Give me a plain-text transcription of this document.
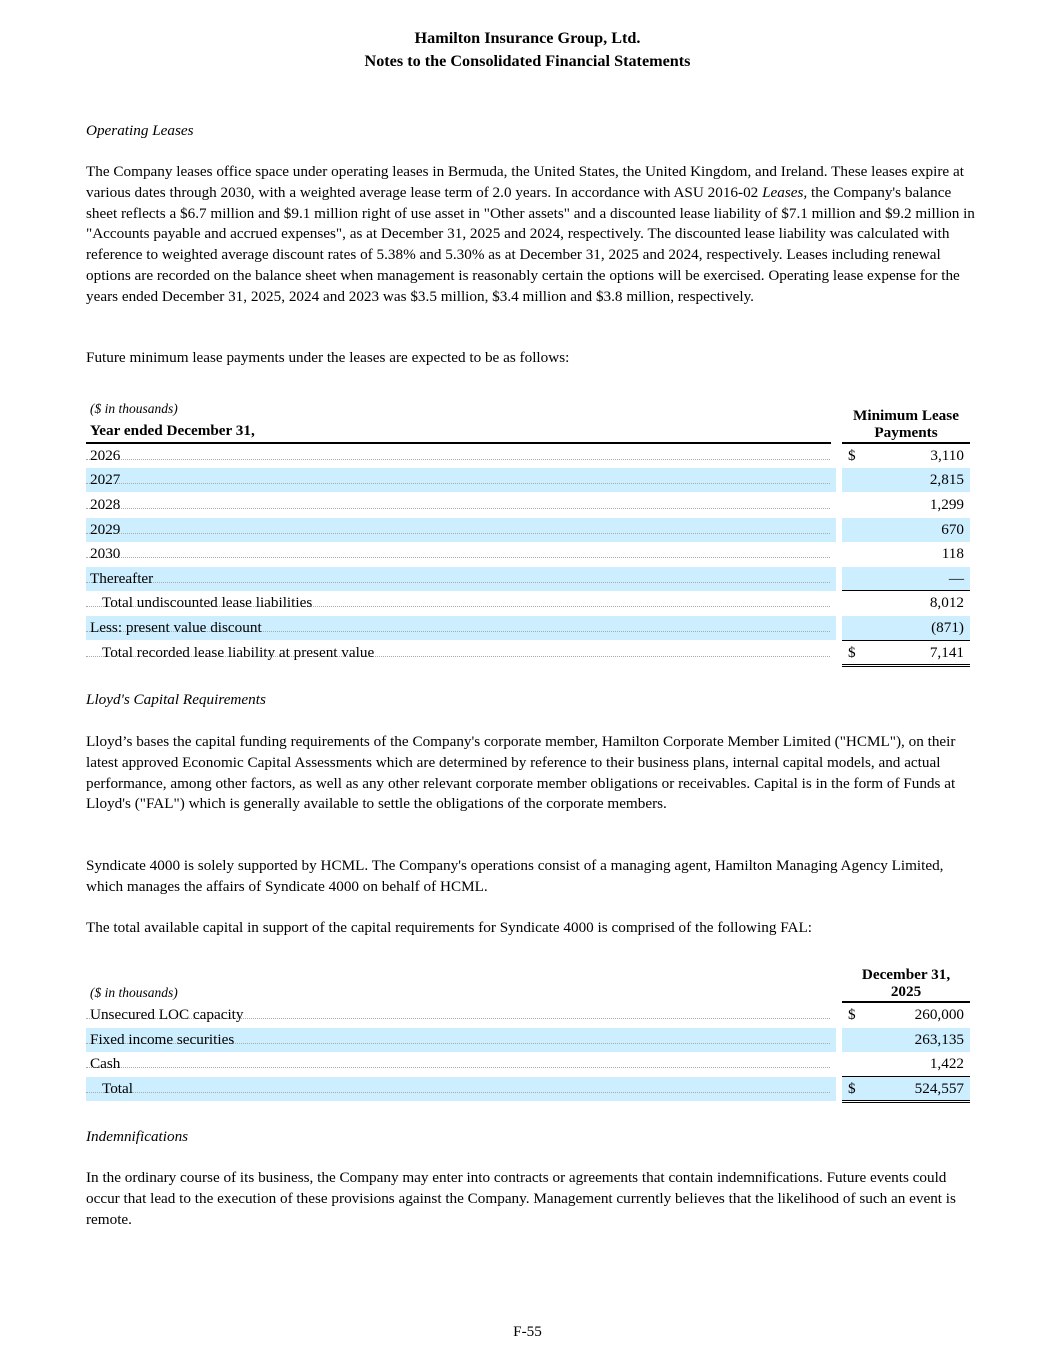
Hamilton Insurance Group, Ltd.
Notes to the Consolidated Financial Statements
Operating Leases

The Company leases office space under operating leases in Bermuda, the United States, the United Kingdom, and Ireland. These leases expire at various dates through 2030, with a weighted average lease term of 2.0 years. In accordance with ASU 2016-02 Leases, the Company's balance sheet reflects a $6.7 million and $9.1 million right of use asset in "Other assets" and a discounted lease liability of $7.1 million and $9.2 million in "Accounts payable and accrued expenses", as at December 31, 2025 and 2024, respectively. The discounted lease liability was calculated with reference to weighted average discount rates of 5.38% and 5.30% as at December 31, 2025 and 2024, respectively. Leases including renewal options are recorded on the balance sheet when management is reasonably certain the options will be exercised. Operating lease expense for the years ended December 31, 2025, 2024 and 2023 was $3.5 million, $3.4 million and $3.8 million, respectively.

Future minimum lease payments under the leases are expected to be as follows:
($ in thousands)
Year ended December 31,
Minimum Lease
Payments
2026	$	3,110
2027	2,815
2028	1,299
2029	670
2030	118
Thereafter	—
Total undiscounted lease liabilities	8,012
Less: present value discount	(871)
Total recorded lease liability at present value	$	7,141
Lloyd's Capital Requirements
Lloyd’s bases the capital funding requirements of the Company's corporate member, Hamilton Corporate Member Limited ("HCML"), on their latest approved Economic Capital Assessments which are determined by reference to their business plans, internal capital models, and actual performance, among other factors, as well as any other relevant corporate member obligations or receivables. Capital is in the form of Funds at Lloyd's ("FAL") which is generally available to settle the obligations of the corporate members.
Syndicate 4000 is solely supported by HCML. The Company's operations consist of a managing agent, Hamilton Managing Agency Limited, which manages the affairs of Syndicate 4000 on behalf of HCML.
The total available capital in support of the capital requirements for Syndicate 4000 is comprised of the following FAL:
($ in thousands)
December 31,
2025
Unsecured LOC capacity	$	260,000
Fixed income securities	263,135
Cash	1,422
Total	$	524,557
Indemnifications
In the ordinary course of its business, the Company may enter into contracts or agreements that contain indemnifications. Future events could occur that lead to the execution of these provisions against the Company. Management currently believes that the likelihood of such an event is remote.
F-55
